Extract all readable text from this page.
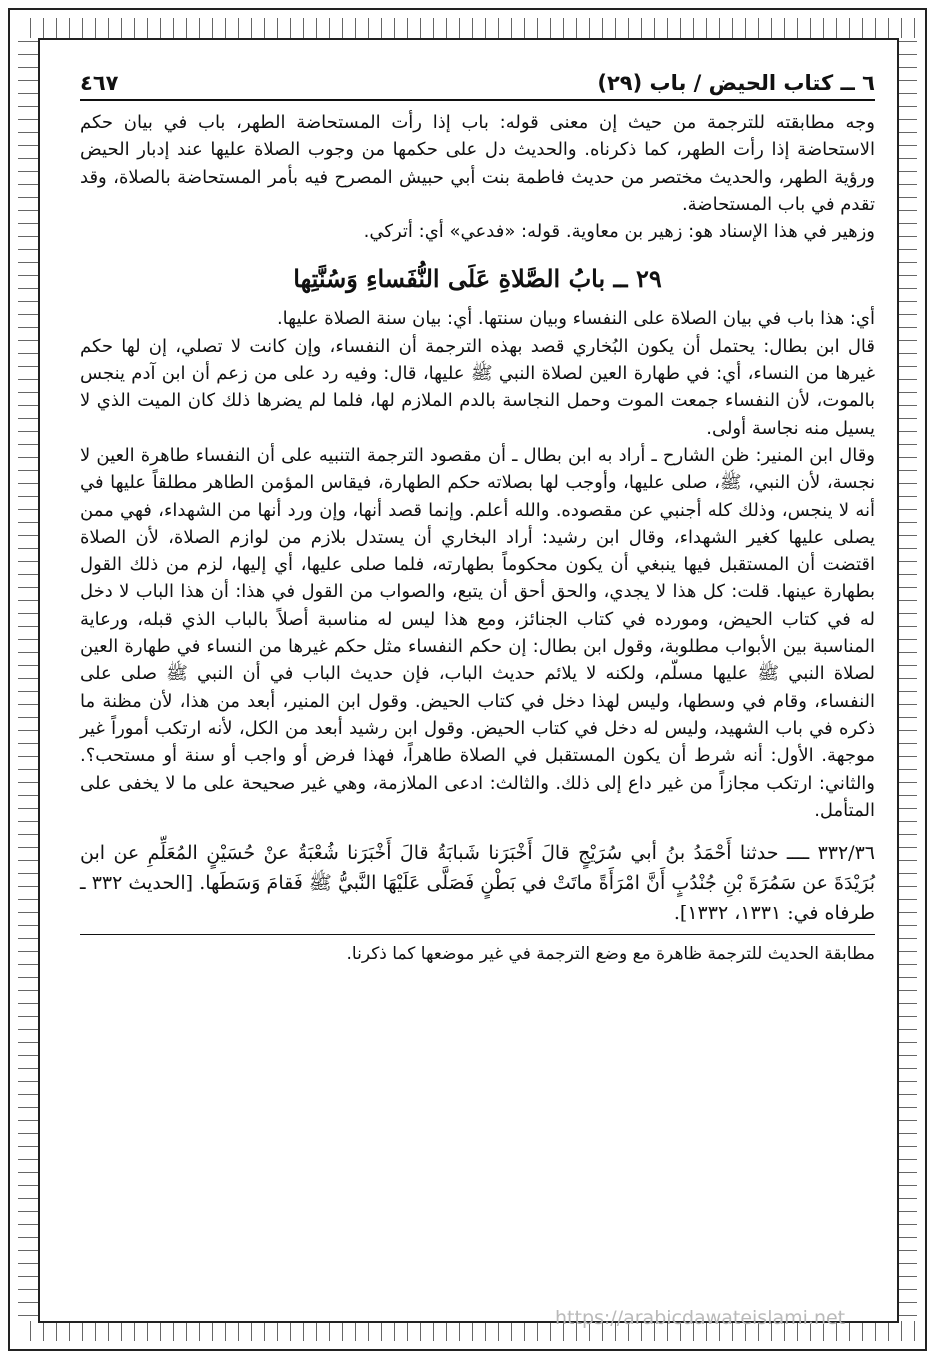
٦ ــ كتاب الحيض / باب (٢٩)
٤٦٧

وجه مطابقته للترجمة من حيث إن معنى قوله: باب إذا رأت المستحاضة الطهر، باب في بيان حكم الاستحاضة إذا رأت الطهر، كما ذكرناه. والحديث دل على حكمها من وجوب الصلاة عليها عند إدبار الحيض ورؤية الطهر، والحديث مختصر من حديث فاطمة بنت أبي حبيش المصرح فيه بأمر المستحاضة بالصلاة، وقد تقدم في باب المستحاضة.

وزهير في هذا الإسناد هو: زهير بن معاوية. قوله: «فدعي» أي: أتركي.

٢٩ ــ بابُ الصَّلاةِ عَلَى النُّفَساءِ وَسُنَّتِها

أي: هذا باب في بيان الصلاة على النفساء وبيان سنتها. أي: بيان سنة الصلاة عليها.

قال ابن بطال: يحتمل أن يكون البُخاري قصد بهذه الترجمة أن النفساء، وإن كانت لا تصلي، إن لها حكم غيرها من النساء، أي: في طهارة العين لصلاة النبي ﷺ عليها، قال: وفيه رد على من زعم أن ابن آدم ينجس بالموت، لأن النفساء جمعت الموت وحمل النجاسة بالدم الملازم لها، فلما لم يضرها ذلك كان الميت الذي لا يسيل منه نجاسة أولى.

وقال ابن المنير: ظن الشارح ـ أراد به ابن بطال ـ أن مقصود الترجمة التنبيه على أن النفساء طاهرة العين لا نجسة، لأن النبي، ﷺ، صلى عليها، وأوجب لها بصلاته حكم الطهارة، فيقاس المؤمن الطاهر مطلقاً عليها في أنه لا ينجس، وذلك كله أجنبي عن مقصوده. والله أعلم. وإنما قصد أنها، وإن ورد أنها من الشهداء، فهي ممن يصلى عليها كغير الشهداء، وقال ابن رشيد: أراد البخاري أن يستدل بلازم من لوازم الصلاة، لأن الصلاة اقتضت أن المستقبل فيها ينبغي أن يكون محكوماً بطهارته، فلما صلى عليها، أي إليها، لزم من ذلك القول بطهارة عينها. قلت: كل هذا لا يجدي، والحق أحق أن يتبع، والصواب من القول في هذا: أن هذا الباب لا دخل له في كتاب الحيض، ومورده في كتاب الجنائز، ومع هذا ليس له مناسبة أصلاً بالباب الذي قبله، ورعاية المناسبة بين الأبواب مطلوبة، وقول ابن بطال: إن حكم النفساء مثل حكم غيرها من النساء في طهارة العين لصلاة النبي ﷺ عليها مسلّم، ولكنه لا يلائم حديث الباب، فإن حديث الباب في أن النبي ﷺ صلى على النفساء، وقام في وسطها، وليس لهذا دخل في كتاب الحيض. وقول ابن المنير، أبعد من هذا، لأن مظنة ما ذكره في باب الشهيد، وليس له دخل في كتاب الحيض. وقول ابن رشيد أبعد من الكل، لأنه ارتكب أموراً غير موجهة. الأول: أنه شرط أن يكون المستقبل في الصلاة طاهراً، فهذا فرض أو واجب أو سنة أو مستحب؟. والثاني: ارتكب مجازاً من غير داع إلى ذلك. والثالث: ادعى الملازمة، وهي غير صحيحة على ما لا يخفى على المتأمل.

٣٣٢/٣٦ ــــ حدثنا أَحْمَدُ بنُ أبي سُرَيْجٍ قالَ أَخْبَرَنا شَبابَةُ قالَ أَخْبَرَنا شُعْبَةُ عنْ حُسَيْنٍ المُعَلِّمِ عن ابن بُرَيْدَةَ عن سَمُرَةَ بْنِ جُنْدُبٍ أَنَّ امْرَأَةً ماتَتْ في بَطْنٍ فَصَلَّى عَلَيْهَا النَّبيُّ ﷺ فَقامَ وَسَطَها. [الحديث ٣٣٢ ـ طرفاه في: ١٣٣١، ١٣٣٢].

مطابقة الحديث للترجمة ظاهرة مع وضع الترجمة في غير موضعها كما ذكرنا.

https://arabicdawateislami.net
